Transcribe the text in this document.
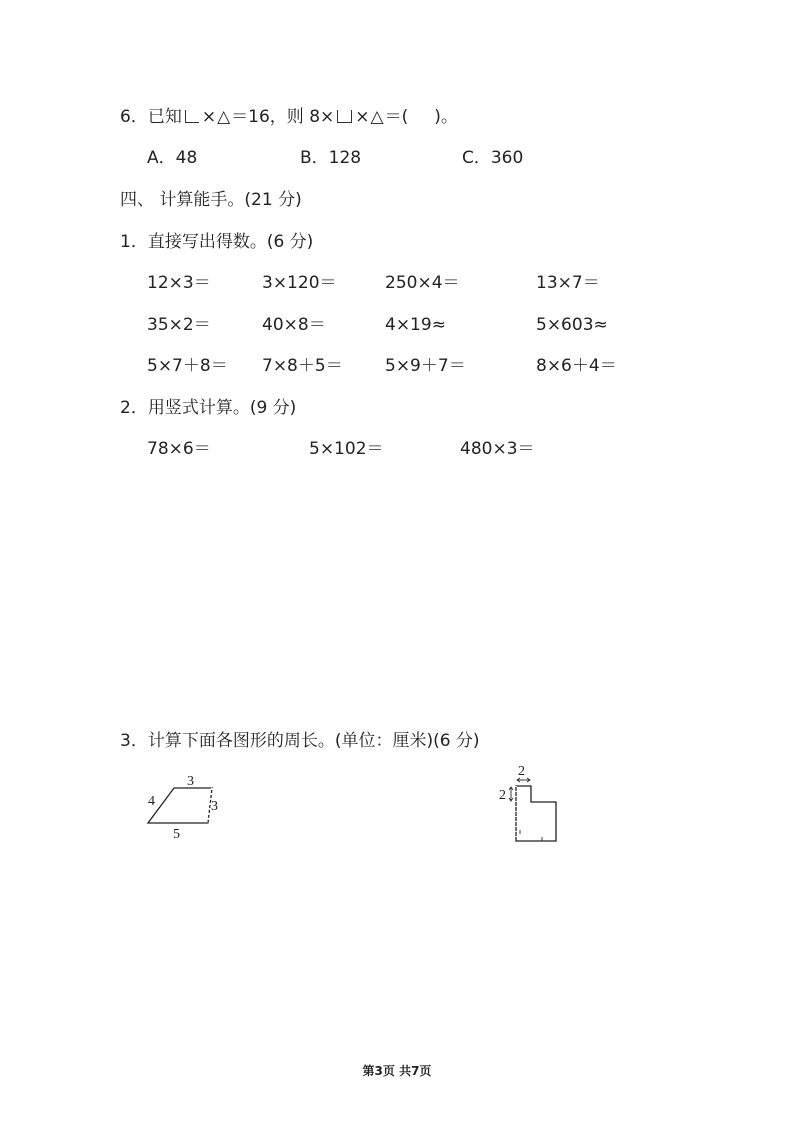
6．已知 ×△＝16，则 8× ×△＝( )。
A．48	B．128	C．360
四、 计算能手。(21 分)
1．直接写出得数。(6 分)
12×3＝	3×120＝	250×4＝	13×7＝
35×2＝	40×8＝	4×19≈	5×603≈
5×7＋8＝ 7×8＋5＝ 5×9＋7＝	8×6＋4＝
2．用竖式计算。(9 分)
78×6＝	5×102＝	480×3＝
3．计算下面各图形的周长。(单位：厘米)(6 分)
3
4	3
5
2
2
第3页 共7页
